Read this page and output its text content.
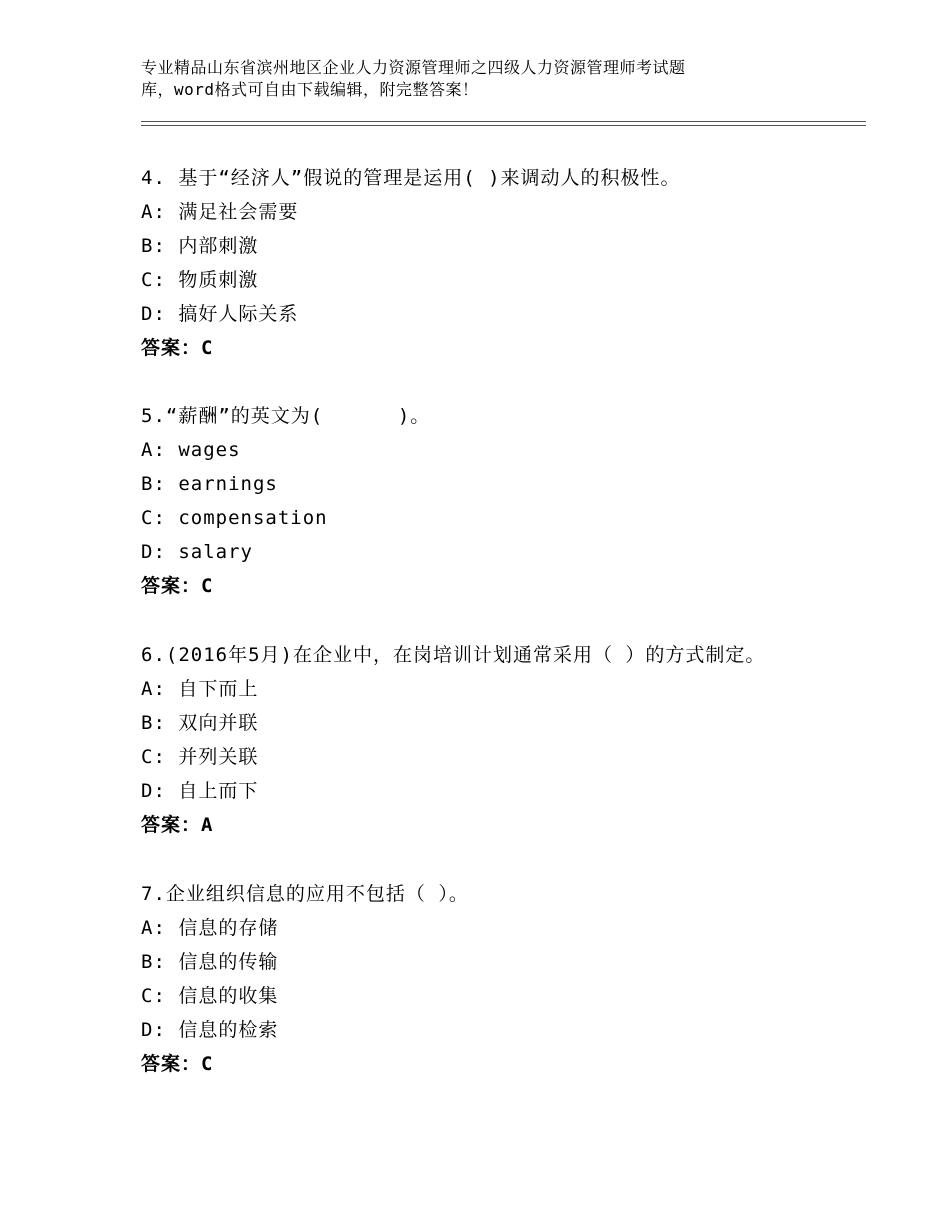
专业精品山东省滨州地区企业人力资源管理师之四级人力资源管理师考试题
库，word格式可自由下载编辑，附完整答案！
4. 基于“经济人”假说的管理是运用( )来调动人的积极性。
A: 满足社会需要
B: 内部刺激
C: 物质刺激
D: 搞好人际关系
答案：C
5.“薪酬”的英文为(      )。
A: wages
B: earnings
C: compensation
D: salary
答案：C
6.(2016年5月)在企业中，在岗培训计划通常采用（ ）的方式制定。
A: 自下而上
B: 双向并联
C: 并列关联
D: 自上而下
答案：A
7.企业组织信息的应用不包括（ ）。
A: 信息的存储
B: 信息的传输
C: 信息的收集
D: 信息的检索
答案：C
